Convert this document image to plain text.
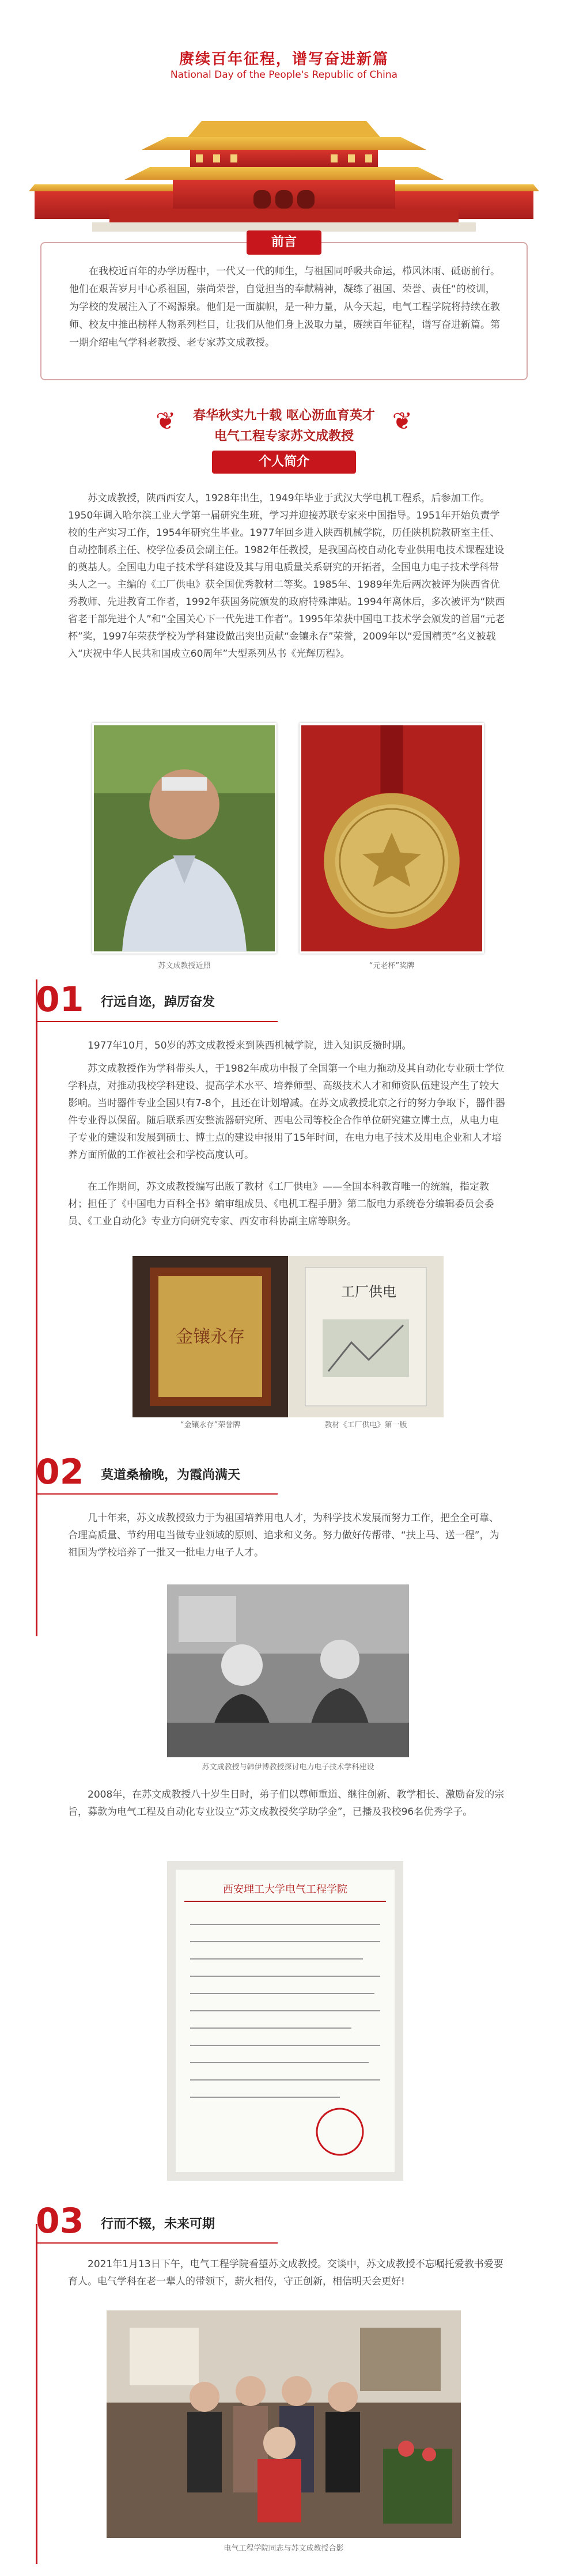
赓续百年征程，谱写奋进新篇
National Day of the People's Republic of China
前言
在我校近百年的办学历程中，一代又一代的师生，与祖国同呼吸共命运，栉风沐雨、砥砺前行。他们在艰苦岁月中心系祖国，崇尚荣誉，自觉担当的奉献精神，凝练了祖国、荣誉、责任“的校训，为学校的发展注入了不竭源泉。他们是一面旗帜，是一种力量，从今天起，电气工程学院将持续在教师、校友中推出榜样人物系列栏目，让我们从他们身上汲取力量，赓续百年征程，谱写奋进新篇。第一期介绍电气学科老教授、老专家苏文成教授。
❦	春华秋实九十载 呕心沥血育英才
电气工程专家苏文成教授
❦
个人简介
苏文成教授，陕西西安人，1928年出生，1949年毕业于武汉大学电机工程系，后参加工作。1950年调入哈尔滨工业大学第一届研究生班，学习并迎接苏联专家来中国指导。1951年开始负责学校的生产实习工作，1954年研究生毕业。1977年回乡进入陕西机械学院，历任陕机院教研室主任、自动控制系主任、校学位委员会副主任。1982年任教授，是我国高校自动化专业供用电技术课程建设的奠基人。全国电力电子技术学科建设及其与用电质量关系研究的开拓者，全国电力电子技术学科带头人之一。主编的《工厂供电》获全国优秀教材二等奖。1985年、1989年先后两次被评为陕西省优秀教师、先进教育工作者，1992年获国务院颁发的政府特殊津贴。1994年离休后，多次被评为“陕西省老干部先进个人”和“全国关心下一代先进工作者”。1995年荣获中国电工技术学会颁发的首届“元老杯”奖，1997年荣获学校为学科建设做出突出贡献“金镶永存”荣誉，2009年以“爱国精英”名义被载入“庆祝中华人民共和国成立60周年”大型系列丛书《光辉历程》。
苏文成教授近照	“元老杯”奖牌
01 行远自迩，踔厉奋发
1977年10月，50岁的苏文成教授来到陕西机械学院，进入知识反攒时期。
苏文成教授作为学科带头人，于1982年成功申报了全国第一个电力拖动及其自动化专业硕士学位学科点，对推动我校学科建设、提高学术水平、培养师型、高级技术人才和师资队伍建设产生了较大影响。当时器件专业全国只有7-8个，且还在计划增减。在苏文成教授北京之行的努力争取下，器件器件专业得以保留。随后联系西安整流器研究所、西电公司等校企合作单位研究建立博士点，从电力电子专业的建设和发展到硕士、博士点的建设申报用了15年时间，在电力电子技术及用电企业和人才培养方面所做的工作被社会和学校高度认可。
在工作期间，苏文成教授编写出版了教材《工厂供电》——全国本科教育唯一的统编，指定教材；担任了《中国电力百科全书》编审组成员、《电机工程手册》第二版电力系统卷分编辑委员会委员、《工业自动化》专业方向研究专家、西安市科协副主席等职务。
金镶永存
工厂供电
“金镶永存”荣誉牌	教材《工厂供电》第一版
02 莫道桑榆晚，为霞尚满天
几十年来，苏文成教授致力于为祖国培养用电人才，为科学技术发展而努力工作，把全全可靠、合理高质量、节约用电当做专业领域的原则、追求和义务。努力做好传帮带、“扶上马、送一程”，为祖国为学校培养了一批又一批电力电子人才。
苏文成教授与韩伊博教授探讨电力电子技术学科建设
2008年，在苏文成教授八十岁生日时，弟子们以尊师重道、继往创新、教学相长、激励奋发的宗旨，募款为电气工程及自动化专业设立“苏文成教授奖学助学金”，已播及我校96名优秀学子。
西安理工大学电气工程学院
03 行而不辍，未来可期
2021年1月13日下午，电气工程学院看望苏文成教授。交谈中，苏文成教授不忘嘱托爱教书爱要育人。电气学科在老一辈人的带领下，薪火相传，守正创新，相信明天会更好!
电气工程学院同志与苏文成教授合影
